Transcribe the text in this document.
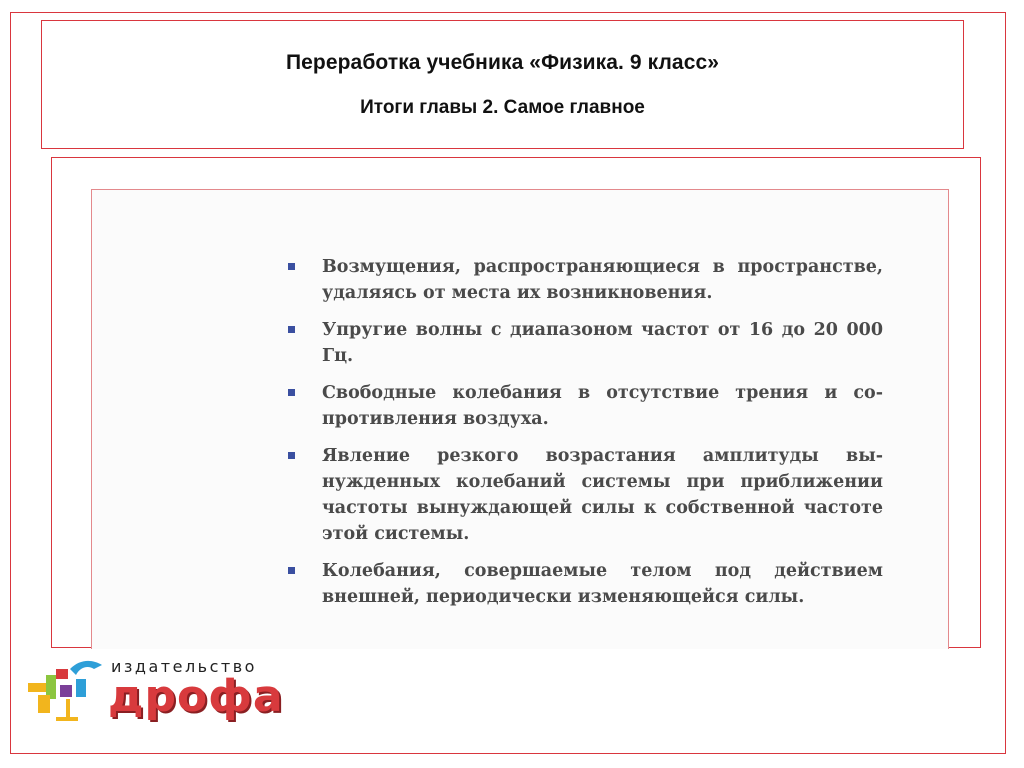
Переработка учебника «Физика. 9 класс»
Итоги главы 2. Самое главное
Возмущения, распространяющиеся в пространстве, удаляясь от места их возникновения.
Упругие волны с диапазоном частот от 16 до 20 000 Гц.
Свободные колебания в отсутствие трения и сопротивления воздуха.
Явление резкого возрастания амплитуды вынужденных колебаний системы при приближении частоты вынуждающей силы к собственной частоте этой системы.
Колебания, совершаемые телом под действием внешней, периодически изменяющейся силы.
издательство
дрофа
